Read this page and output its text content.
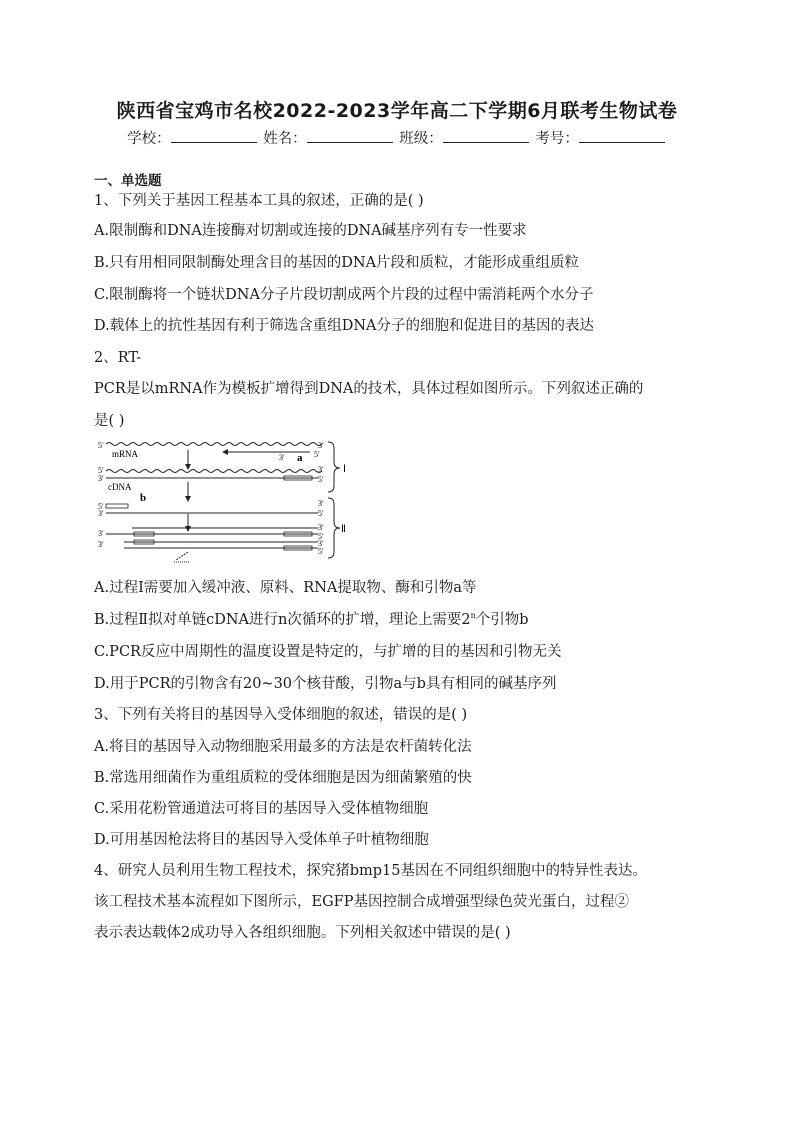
陕西省宝鸡市名校2022-2023学年高二下学期6月联考生物试卷
学校：	姓名：	班级：	考号：
一、单选题
1、下列关于基因工程基本工具的叙述，正确的是( )
A.限制酶和DNA连接酶对切割或连接的DNA碱基序列有专一性要求
B.只有用相同限制酶处理含目的基因的DNA片段和质粒，才能形成重组质粒
C.限制酶将一个链状DNA分子片段切割成两个片段的过程中需消耗两个水分子
D.载体上的抗性基因有利于筛选含重组DNA分子的细胞和促进目的基因的表达
2、RT-
PCR是以mRNA作为模板扩增得到DNA的技术，具体过程如图所示。下列叙述正确的
是( )
5′	3′
mRNA	3′ a 5′
5′	3′
3′	5′
cDNA
b
5′	3′
3′	5′
3′
3′
5′
3′	3′
5′
Ⅰ
Ⅱ
A.过程Ⅰ需要加入缓冲液、原料、RNA提取物、酶和引物a等
B.过程Ⅱ拟对单链cDNA进行n次循环的扩增，理论上需要2$^n$个引物b
C.PCR反应中周期性的温度设置是特定的，与扩增的目的基因和引物无关
D.用于PCR的引物含有20~30个核苷酸，引物a与b具有相同的碱基序列
3、下列有关将目的基因导入受体细胞的叙述，错误的是( )
A.将目的基因导入动物细胞采用最多的方法是农杆菌转化法
B.常选用细菌作为重组质粒的受体细胞是因为细菌繁殖的快
C.采用花粉管通道法可将目的基因导入受体植物细胞
D.可用基因枪法将目的基因导入受体单子叶植物细胞
4、研究人员利用生物工程技术，探究猪bmp15基因在不同组织细胞中的特异性表达。
该工程技术基本流程如下图所示，EGFP基因控制合成增强型绿色荧光蛋白，过程②
表示表达载体2成功导入各组织细胞。下列相关叙述中错误的是( )
